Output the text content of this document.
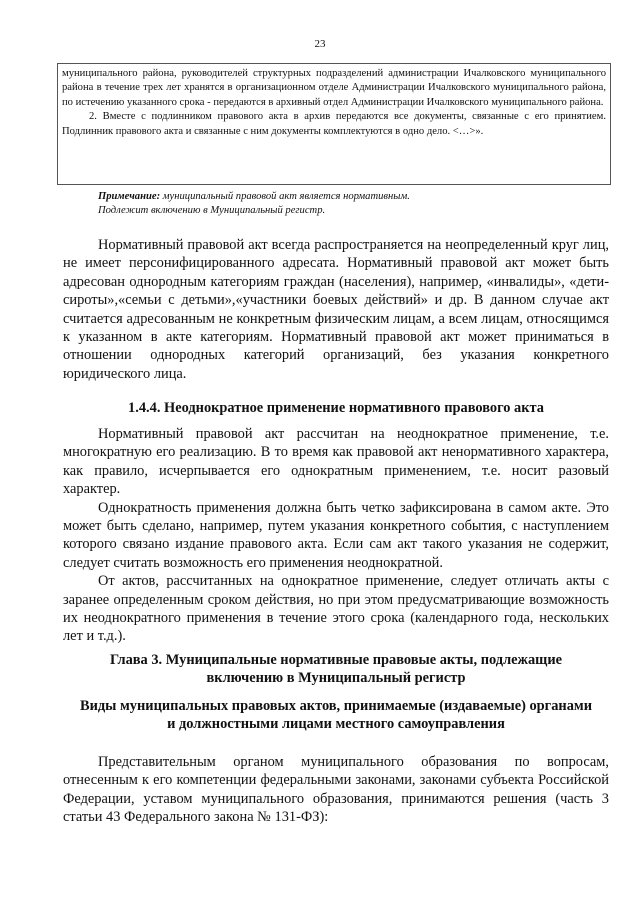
23

муниципального района, руководителей структурных подразделений администрации Ичалковского муниципального района в течение трех лет хранятся в организационном отделе Администрации Ичалковского муниципального района, по истечению указанного срока - передаются в архивный отдел Администрации Ичалковского муниципального района.

2. Вместе с подлинником правового акта в архив передаются все документы, связанные с его принятием. Подлинник правового акта и связанные с ним документы комплектуются в одно дело. <…>».

Примечание: муниципальный правовой акт является нормативным.
Подлежит включению в Муниципальный регистр.

Нормативный правовой акт всегда распространяется на неопределенный круг лиц, не имеет персонифицированного адресата. Нормативный правовой акт может быть адресован однородным категориям граждан (населения), например, «инвалиды», «дети-сироты»,«семьи с детьми»,«участники боевых действий» и др. В данном случае акт считается адресованным не конкретным физическим лицам, а всем лицам, относящимся к указанном в акте категориям. Нормативный правовой акт может приниматься в отношении однородных категорий организаций, без указания конкретного юридического лица.

1.4.4. Неоднократное применение нормативного правового акта

Нормативный правовой акт рассчитан на неоднократное применение, т.е. многократную его реализацию. В то время как правовой акт ненормативного характера, как правило, исчерпывается его однократным применением, т.е. носит разовый характер.

Однократность применения должна быть четко зафиксирована в самом акте. Это может быть сделано, например, путем указания конкретного события, с наступлением которого связано издание правового акта. Если сам акт такого указания не содержит, следует считать возможность его применения неоднократной.

От актов, рассчитанных на однократное применение, следует отличать акты с заранее определенным сроком действия, но при этом предусматривающие возможность их неоднократного применения в течение этого срока (календарного года, нескольких лет и т.д.).

Глава 3. Муниципальные нормативные правовые акты, подлежащие
включению в Муниципальный регистр
Виды муниципальных правовых актов, принимаемые (издаваемые) органами
и должностными лицами местного самоуправления

Представительным органом муниципального образования по вопросам, отнесенным к его компетенции федеральными законами, законами субъекта Российской Федерации, уставом муниципального образования, принимаются решения (часть 3 статьи 43 Федерального закона № 131-ФЗ):
